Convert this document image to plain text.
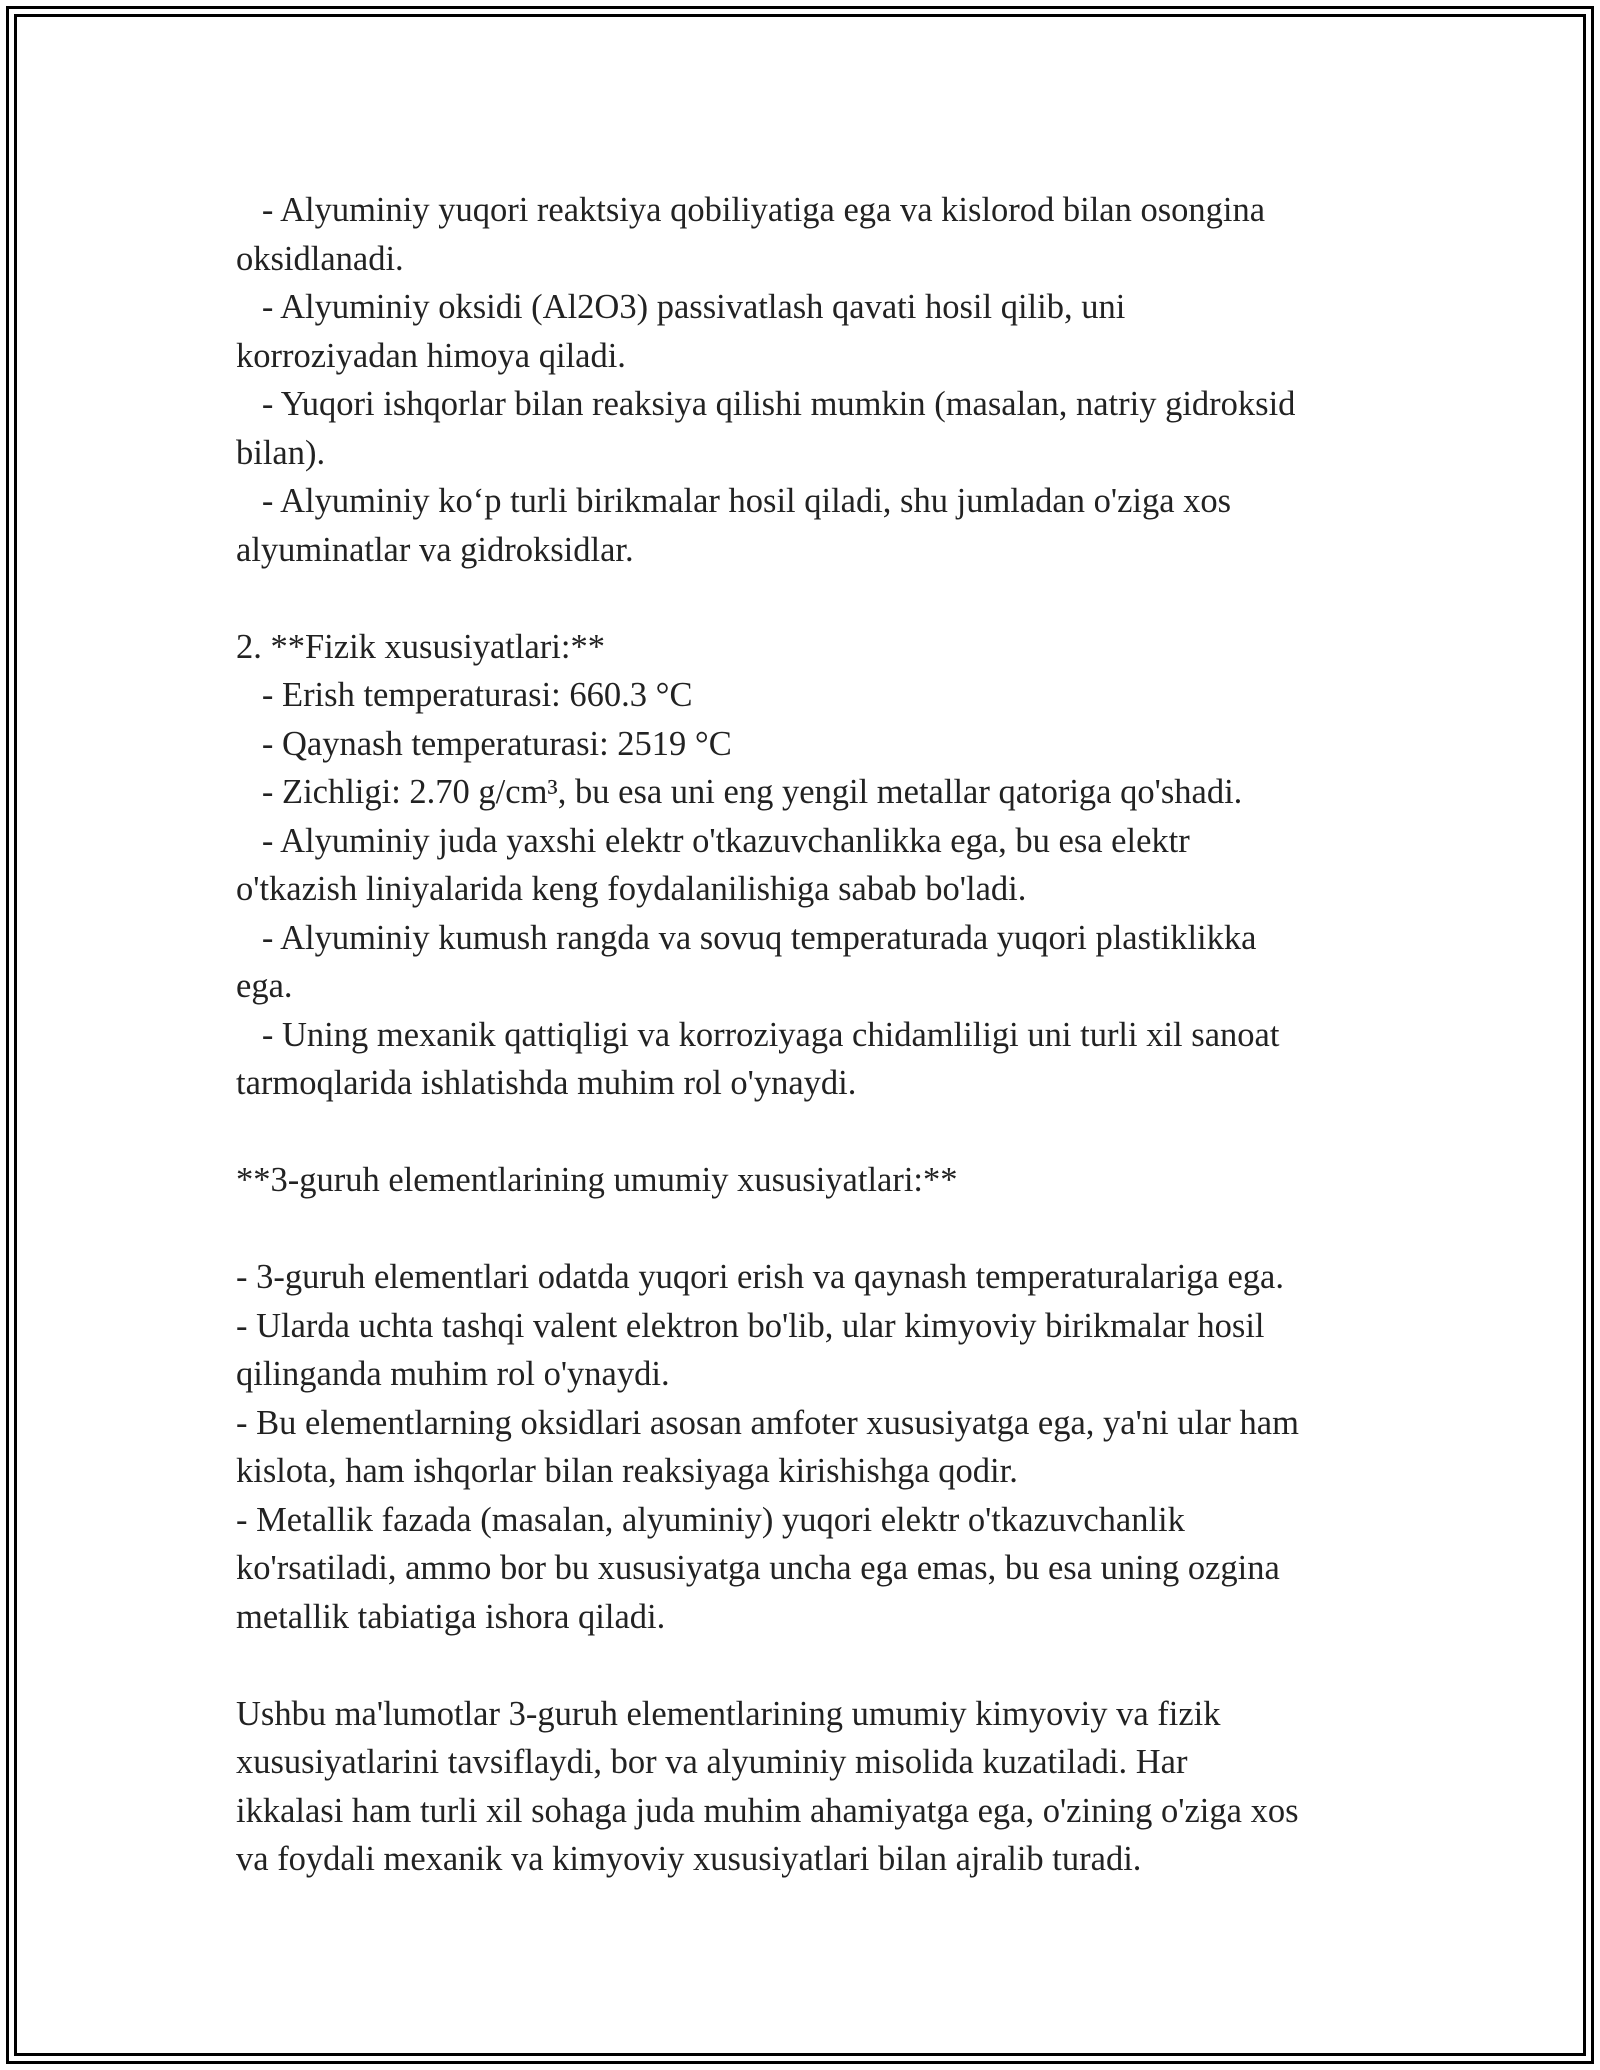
- Alyuminiy yuqori reaktsiya qobiliyatiga ega va kislorod bilan osongina
oksidlanadi.
- Alyuminiy oksidi (Al2O3) passivatlash qavati hosil qilib, uni
korroziyadan himoya qiladi.
- Yuqori ishqorlar bilan reaksiya qilishi mumkin (masalan, natriy gidroksid
bilan).
- Alyuminiy ko‘p turli birikmalar hosil qiladi, shu jumladan o'ziga xos
alyuminatlar va gidroksidlar.
2. **Fizik xususiyatlari:**
- Erish temperaturasi: 660.3 °C
- Qaynash temperaturasi: 2519 °C
- Zichligi: 2.70 g/cm³, bu esa uni eng yengil metallar qatoriga qo'shadi.
- Alyuminiy juda yaxshi elektr o'tkazuvchanlikka ega, bu esa elektr
o'tkazish liniyalarida keng foydalanilishiga sabab bo'ladi.
- Alyuminiy kumush rangda va sovuq temperaturada yuqori plastiklikka
ega.
- Uning mexanik qattiqligi va korroziyaga chidamliligi uni turli xil sanoat
tarmoqlarida ishlatishda muhim rol o'ynaydi.
**3-guruh elementlarining umumiy xususiyatlari:**
- 3-guruh elementlari odatda yuqori erish va qaynash temperaturalariga ega.
- Ularda uchta tashqi valent elektron bo'lib, ular kimyoviy birikmalar hosil
qilinganda muhim rol o'ynaydi.
- Bu elementlarning oksidlari asosan amfoter xususiyatga ega, ya'ni ular ham
kislota, ham ishqorlar bilan reaksiyaga kirishishga qodir.
- Metallik fazada (masalan, alyuminiy) yuqori elektr o'tkazuvchanlik
ko'rsatiladi, ammo bor bu xususiyatga uncha ega emas, bu esa uning ozgina
metallik tabiatiga ishora qiladi.
Ushbu ma'lumotlar 3-guruh elementlarining umumiy kimyoviy va fizik
xususiyatlarini tavsiflaydi, bor va alyuminiy misolida kuzatiladi. Har
ikkalasi ham turli xil sohaga juda muhim ahamiyatga ega, o'zining o'ziga xos
va foydali mexanik va kimyoviy xususiyatlari bilan ajralib turadi.
